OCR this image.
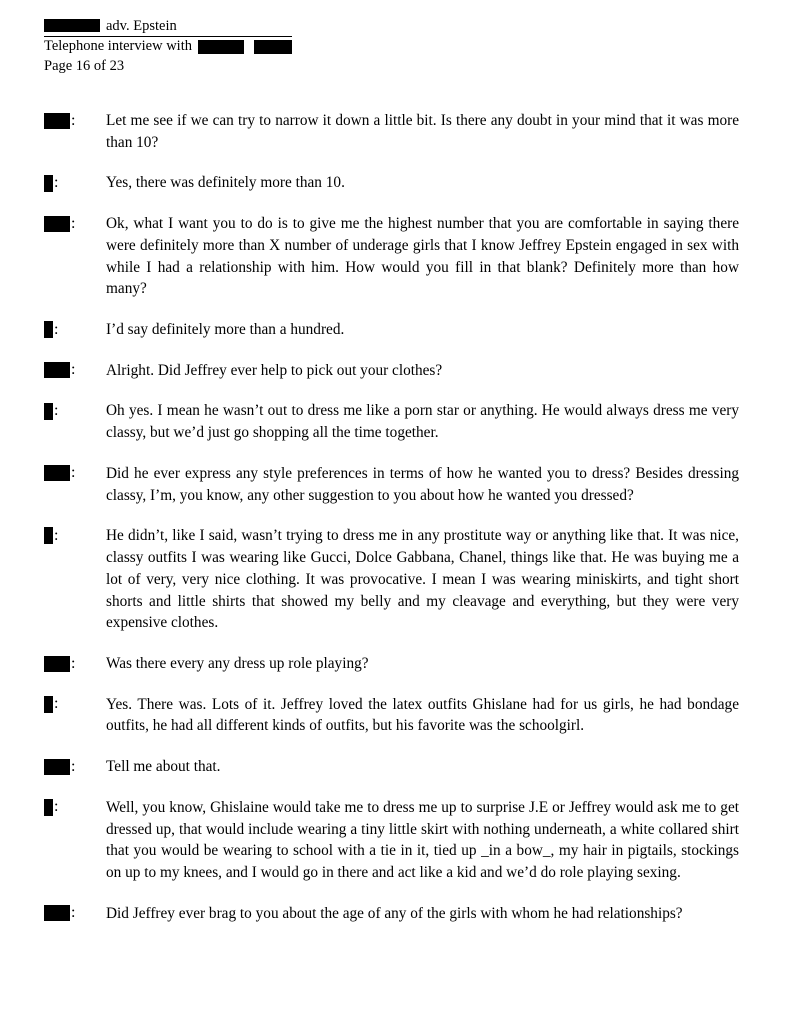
adv. Epstein
Telephone interview with
Page 16 of 23
:	Let me see if we can try to narrow it down a little bit. Is there any doubt in your mind that it was more than 10?
:	Yes, there was definitely more than 10.
:	Ok, what I want you to do is to give me the highest number that you are comfortable in saying there were definitely more than X number of underage girls that I know Jeffrey Epstein engaged in sex with while I had a relationship with him. How would you fill in that blank? Definitely more than how many?
:	I’d say definitely more than a hundred.
:	Alright. Did Jeffrey ever help to pick out your clothes?
:	Oh yes. I mean he wasn’t out to dress me like a porn star or anything. He would always dress me very classy, but we’d just go shopping all the time together.
:	Did he ever express any style preferences in terms of how he wanted you to dress? Besides dressing classy, I’m, you know, any other suggestion to you about how he wanted you dressed?
:	He didn’t, like I said, wasn’t trying to dress me in any prostitute way or anything like that. It was nice, classy outfits I was wearing like Gucci, Dolce Gabbana, Chanel, things like that. He was buying me a lot of very, very nice clothing. It was provocative. I mean I was wearing miniskirts, and tight short shorts and little shirts that showed my belly and my cleavage and everything, but they were very expensive clothes.
:	Was there every any dress up role playing?
:	Yes. There was. Lots of it. Jeffrey loved the latex outfits Ghislane had for us girls, he had bondage outfits, he had all different kinds of outfits, but his favorite was the schoolgirl.
:	Tell me about that.
:	Well, you know, Ghislaine would take me to dress me up to surprise J.E or Jeffrey would ask me to get dressed up, that would include wearing a tiny little skirt with nothing underneath, a white collared shirt that you would be wearing to school with a tie in it, tied up _in a bow_, my hair in pigtails, stockings on up to my knees, and I would go in there and act like a kid and we’d do role playing sexing.
:	Did Jeffrey ever brag to you about the age of any of the girls with whom he had relationships?
